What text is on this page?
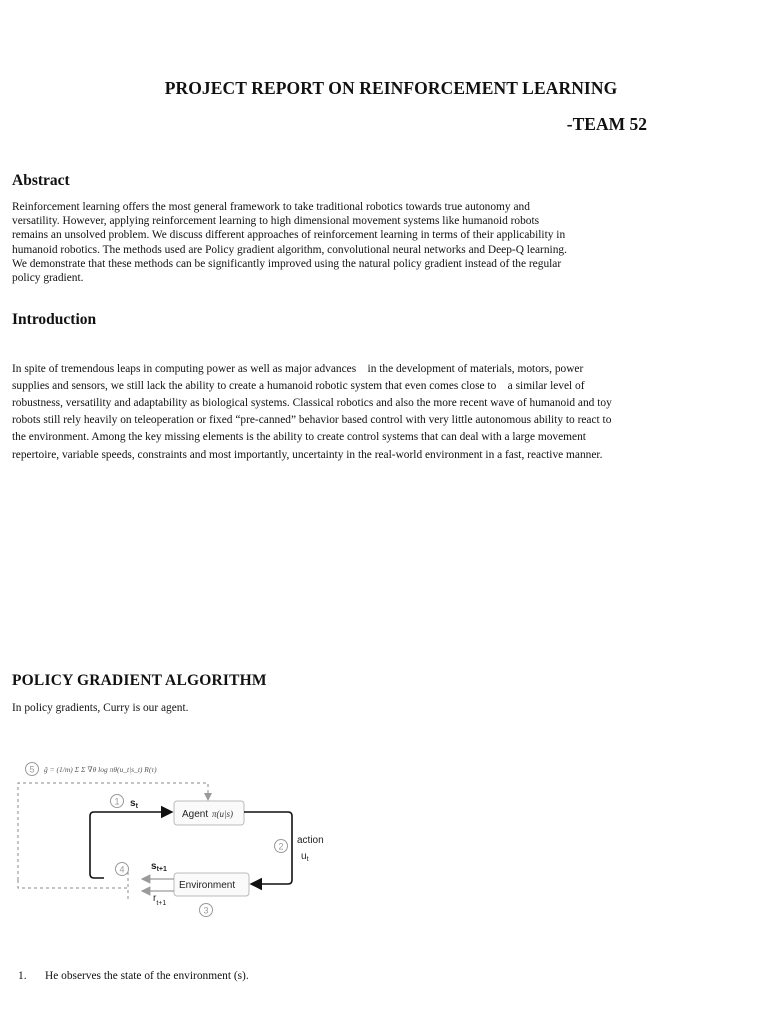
PROJECT REPORT ON REINFORCEMENT LEARNING
-TEAM 52
Abstract

Reinforcement learning offers the most general framework to take traditional robotics towards true autonomy and
versatility. However, applying reinforcement learning to high dimensional movement systems like humanoid robots
remains an unsolved problem. We discuss different approaches of reinforcement learning in terms of their applicability in
humanoid robotics. The methods used are Policy gradient algorithm, convolutional neural networks and Deep-Q learning.
We demonstrate that these methods can be significantly improved using the natural policy gradient instead of the regular
policy gradient.

Introduction

In spite of tremendous leaps in computing power as well as major advances    in the development of materials, motors, power
supplies and sensors, we still lack the ability to create a humanoid robotic system that even comes close to    a similar level of
robustness, versatility and adaptability as biological systems. Classical robotics and also the more recent wave of humanoid and toy
robots still rely heavily on teleoperation or fixed “pre-canned” behavior based control with very little autonomous ability to react to
the environment. Among the key missing elements is the ability to create control systems that can deal with a large movement
repertoire, variable speeds, constraints and most importantly, uncertainty in the real-world environment in a fast, reactive manner.

POLICY GRADIENT ALGORITHM

In policy gradients, Curry is our agent.

5 ĝ = (1/m) Σ Σ ∇θ log πθ(u_t|s_t) R(τ)
1 $s_t$
Agent π(u|s)
2
action
$u_t$
Environment
$s_{t+1}$
$r_{t+1}$
4
3

1. He observes the state of the environment (s).
